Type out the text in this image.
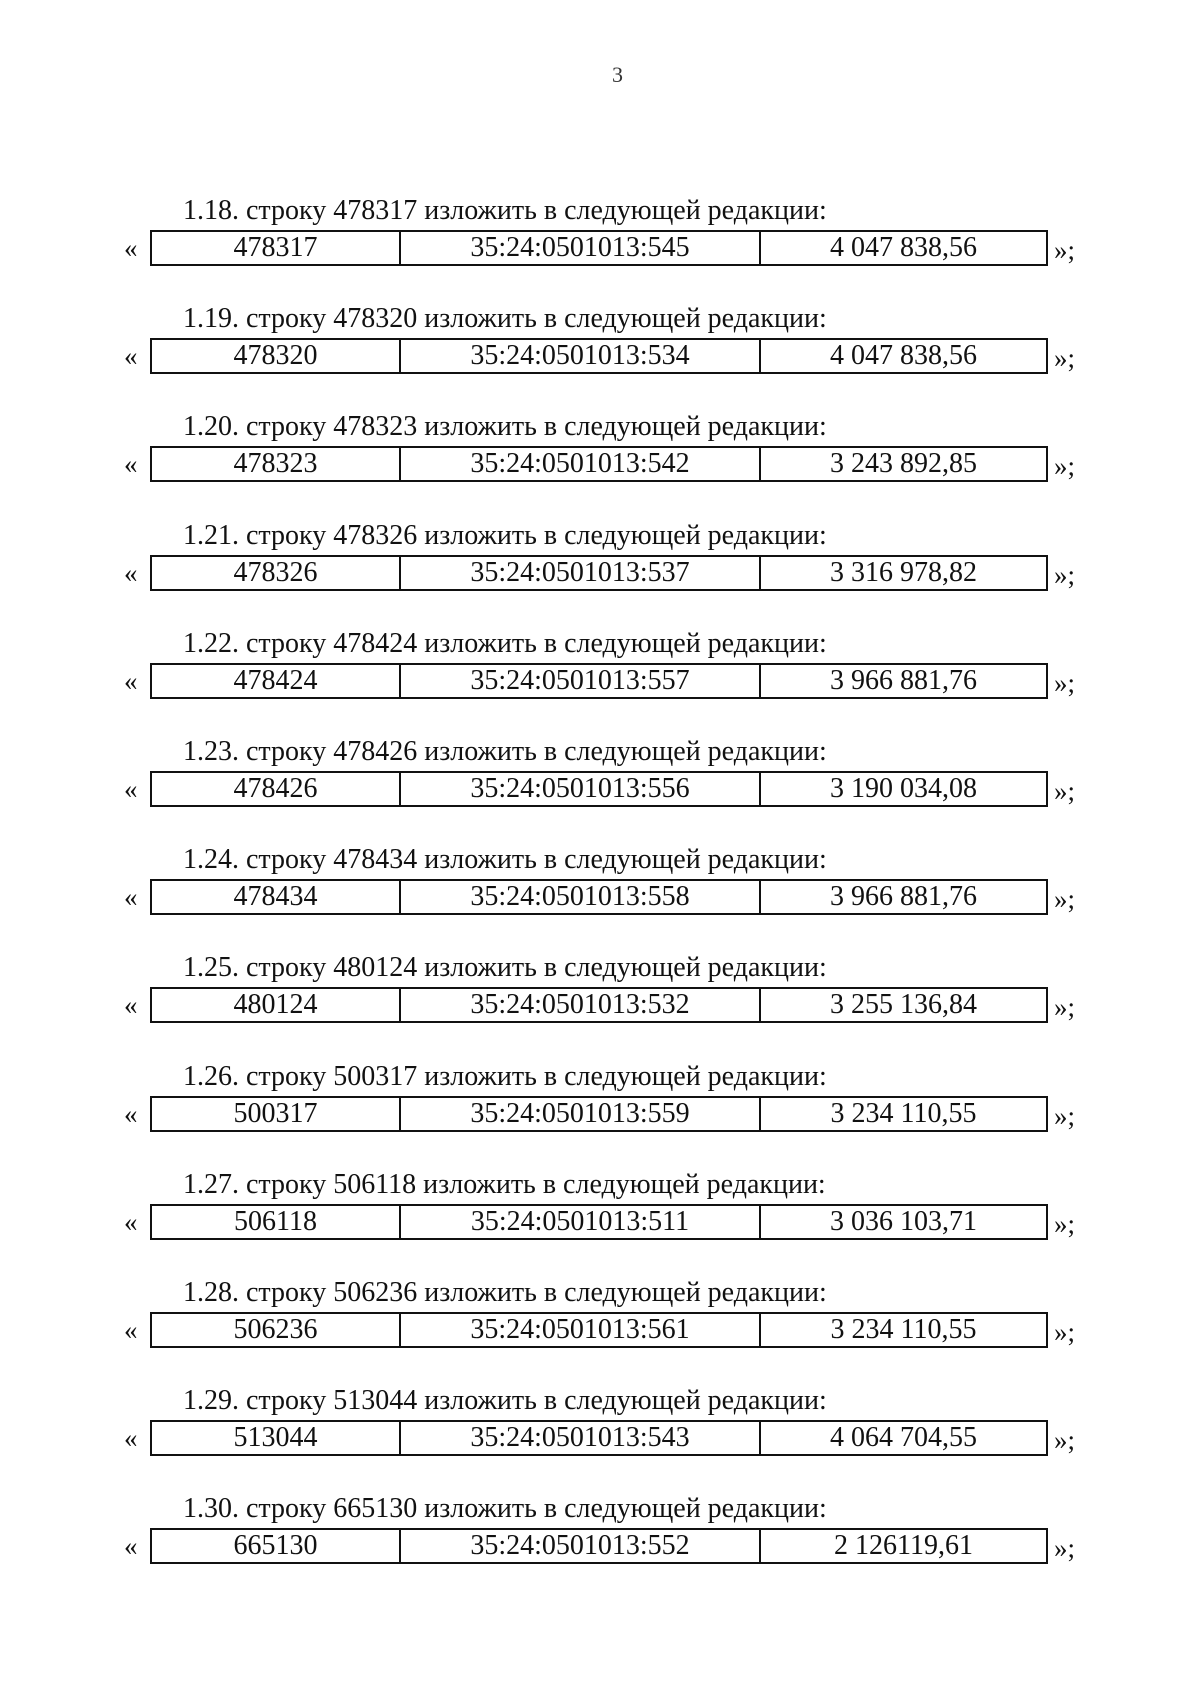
3
1.18. строку 478317 изложить в следующей редакции:
«	478317	35:24:0501013:545	4 047 838,56	»;
1.19. строку 478320 изложить в следующей редакции:
«	478320	35:24:0501013:534	4 047 838,56	»;
1.20. строку 478323 изложить в следующей редакции:
«	478323	35:24:0501013:542	3 243 892,85	»;
1.21. строку 478326 изложить в следующей редакции:
«	478326	35:24:0501013:537	3 316 978,82	»;
1.22. строку 478424 изложить в следующей редакции:
«	478424	35:24:0501013:557	3 966 881,76	»;
1.23. строку 478426 изложить в следующей редакции:
«	478426	35:24:0501013:556	3 190 034,08	»;
1.24. строку 478434 изложить в следующей редакции:
«	478434	35:24:0501013:558	3 966 881,76	»;
1.25. строку 480124 изложить в следующей редакции:
«	480124	35:24:0501013:532	3 255 136,84	»;
1.26. строку 500317 изложить в следующей редакции:
«	500317	35:24:0501013:559	3 234 110,55	»;
1.27. строку 506118 изложить в следующей редакции:
«	506118	35:24:0501013:511	3 036 103,71	»;
1.28. строку 506236 изложить в следующей редакции:
«	506236	35:24:0501013:561	3 234 110,55	»;
1.29. строку 513044 изложить в следующей редакции:
«	513044	35:24:0501013:543	4 064 704,55	»;
1.30. строку 665130 изложить в следующей редакции:
«	665130	35:24:0501013:552	2 126119,61	»;
